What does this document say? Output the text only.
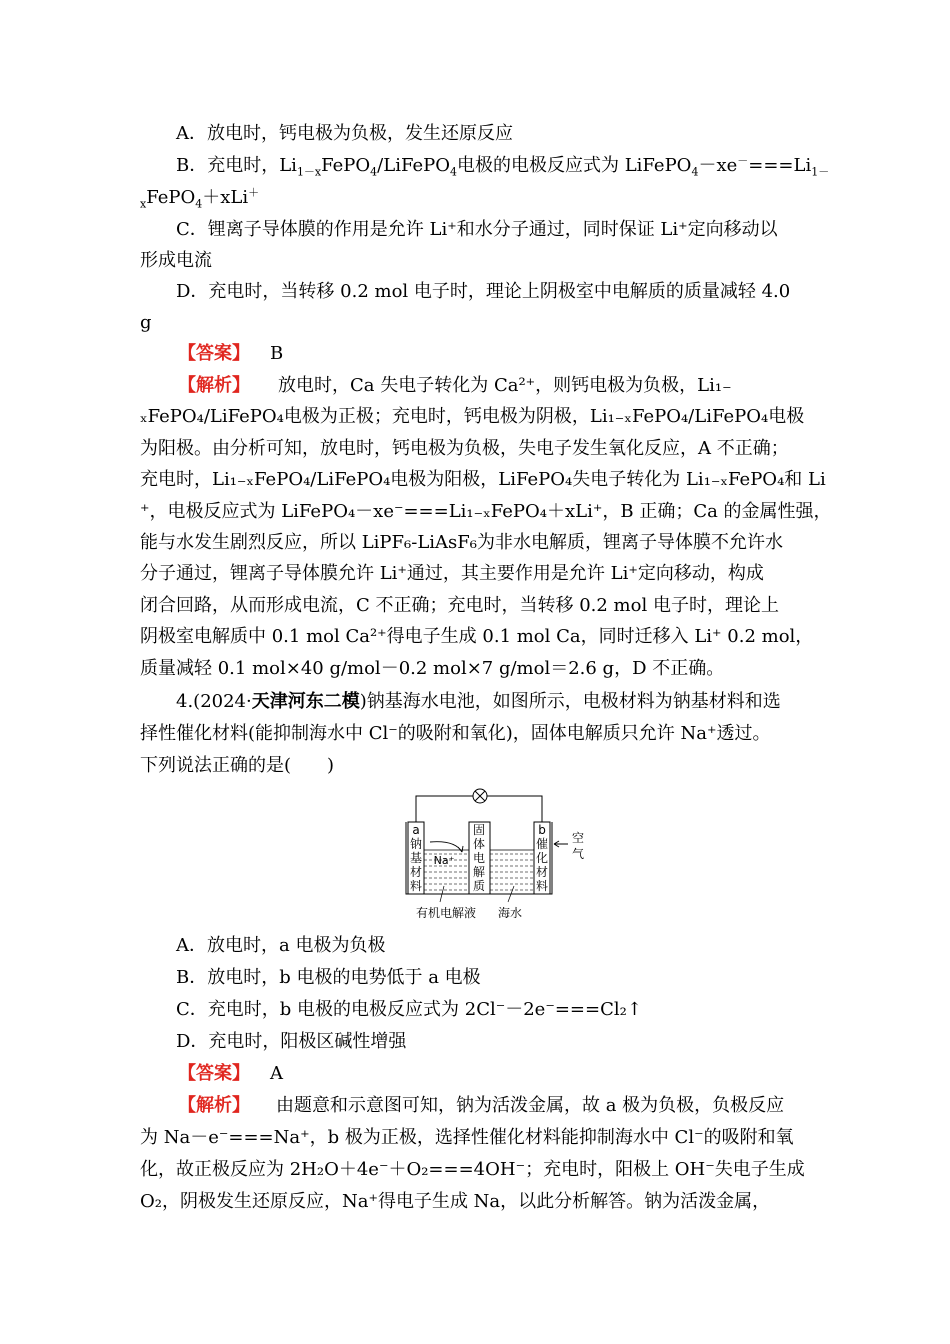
A．放电时，钙电极为负极，发生还原反应
B．充电时，$Li_{1-x}FePO_4/LiFePO_4$电极的电极反应式为 $LiFePO_4-xe^-===Li_{1-}$
$_x$FePO$_4$＋xLi＋
C．锂离子导体膜的作用是允许 Li⁺和水分子通过，同时保证 Li⁺定向移动以
形成电流
D．充电时，当转移 0.2 mol 电子时，理论上阴极室中电解质的质量减轻 4.0
g
【答案】 B
【解析】 放电时，Ca 失电子转化为 Ca²⁺，则钙电极为负极，Li₁₋
ₓFePO₄/LiFePO₄电极为正极；充电时，钙电极为阴极，Li₁₋ₓFePO₄/LiFePO₄电极
为阳极。由分析可知，放电时，钙电极为负极，失电子发生氧化反应，A 不正确；
充电时，Li₁₋ₓFePO₄/LiFePO₄电极为阳极，LiFePO₄失电子转化为 Li₁₋ₓFePO₄和 Li
⁺，电极反应式为 LiFePO₄－xe⁻===Li₁₋ₓFePO₄＋xLi⁺，B 正确；Ca 的金属性强，
能与水发生剧烈反应，所以 LiPF₆-LiAsF₆为非水电解质，锂离子导体膜不允许水
分子通过，锂离子导体膜允许 Li⁺通过，其主要作用是允许 Li⁺定向移动，构成
闭合回路，从而形成电流，C 不正确；充电时，当转移 0.2 mol 电子时，理论上
阴极室电解质中 0.1 mol Ca²⁺得电子生成 0.1 mol Ca，同时迁移入 Li⁺ 0.2 mol，
质量减轻 0.1 mol×40 g/mol－0.2 mol×7 g/mol＝2.6 g，D 不正确。
4.(2024·天津河东二模)钠基海水电池，如图所示，电极材料为钠基材料和选
择性催化材料(能抑制海水中 Cl⁻的吸附和氧化)，固体电解质只允许 Na⁺透过。
下列说法正确的是(　　)
a
钠
基
材
料
固
体
电
解
质
b
催
化
材
料
Na⁺
空
气
有机电解液 海水
A．放电时，a 电极为负极
B．放电时，b 电极的电势低于 a 电极
C．充电时，b 电极的电极反应式为 2Cl⁻－2e⁻===Cl₂↑
D．充电时，阳极区碱性增强
【答案】 A
【解析】 由题意和示意图可知，钠为活泼金属，故 a 极为负极，负极反应
为 Na－e⁻===Na⁺，b 极为正极，选择性催化材料能抑制海水中 Cl⁻的吸附和氧
化，故正极反应为 2H₂O＋4e⁻＋O₂===4OH⁻；充电时，阳极上 OH⁻失电子生成
O₂，阴极发生还原反应，Na⁺得电子生成 Na，以此分析解答。钠为活泼金属，
